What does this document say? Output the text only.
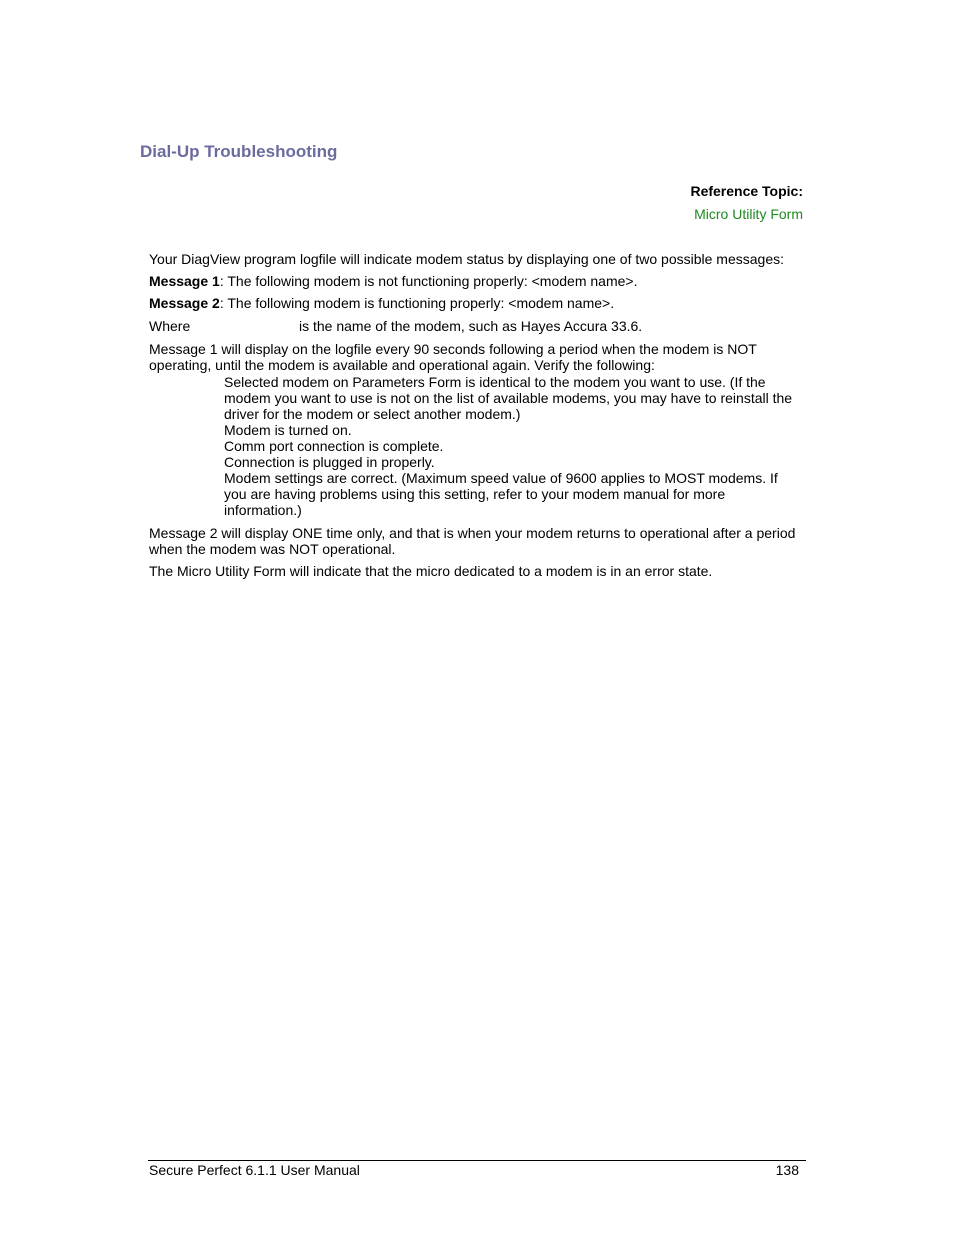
Dial-Up Troubleshooting
Reference Topic:
Micro Utility Form
Your DiagView program logfile will indicate modem status by displaying one of two possible messages:
Message 1: The following modem is not functioning properly: <modem name>.
Message 2: The following modem is functioning properly: <modem name>.
Where	is the name of the modem, such as Hayes Accura 33.6.
Message 1 will display on the logfile every 90 seconds following a period when the modem is NOT operating, until the modem is available and operational again. Verify the following:
Selected modem on Parameters Form is identical to the modem you want to use. (If the modem you want to use is not on the list of available modems, you may have to reinstall the driver for the modem or select another modem.)
Modem is turned on.
Comm port connection is complete.
Connection is plugged in properly.
Modem settings are correct. (Maximum speed value of 9600 applies to MOST modems. If you are having problems using this setting, refer to your modem manual for more information.)
Message 2 will display ONE time only, and that is when your modem returns to operational after a period when the modem was NOT operational.
The Micro Utility Form will indicate that the micro dedicated to a modem is in an error state.
Secure Perfect 6.1.1 User Manual	138
